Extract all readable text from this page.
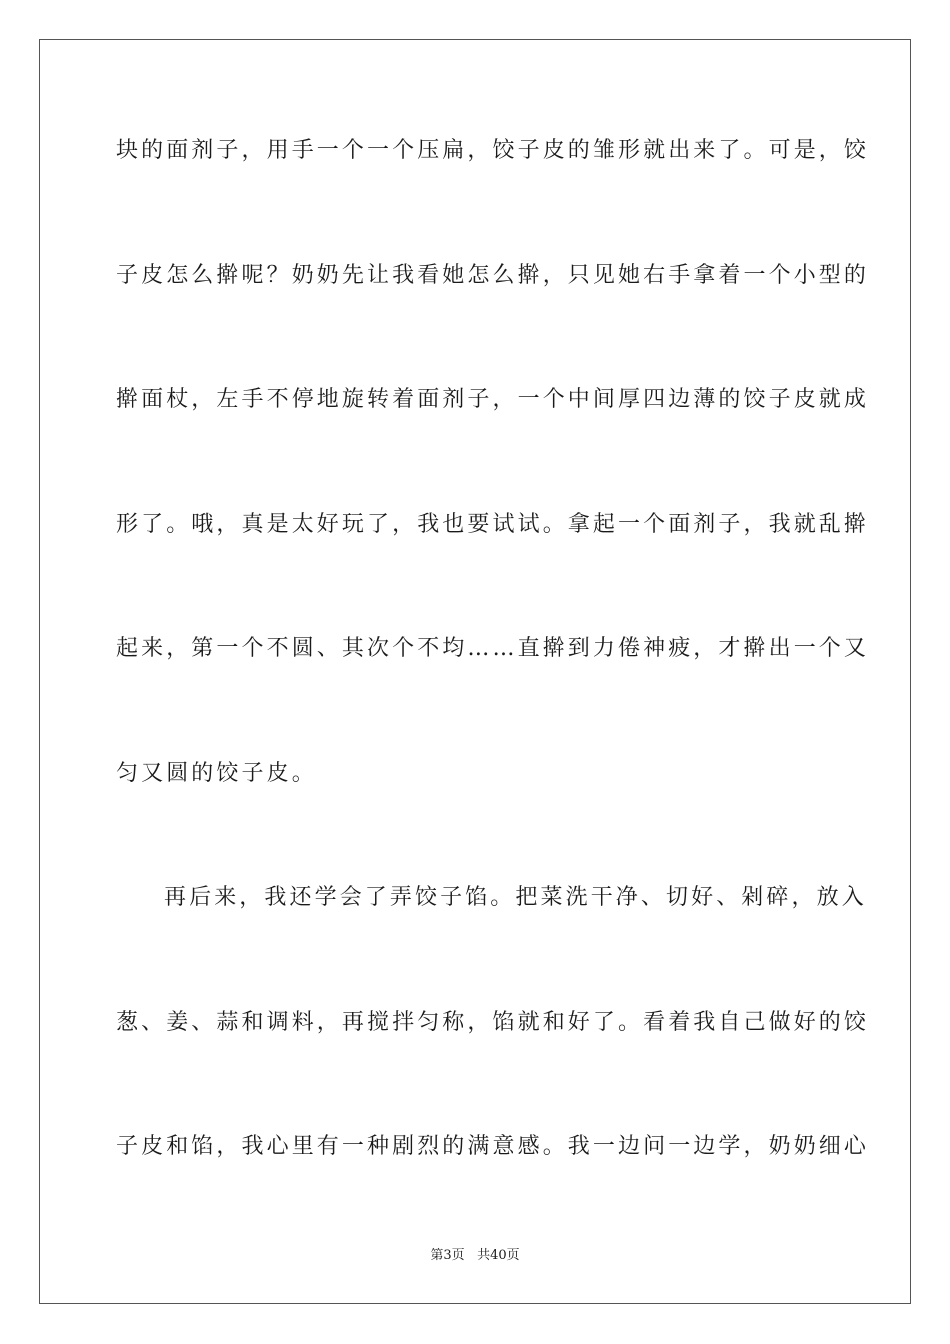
块的面剂子，用手一个一个压扁，饺子皮的雏形就出来了。可是，饺
子皮怎么擀呢？奶奶先让我看她怎么擀，只见她右手拿着一个小型的
擀面杖，左手不停地旋转着面剂子，一个中间厚四边薄的饺子皮就成
形了。哦，真是太好玩了，我也要试试。拿起一个面剂子，我就乱擀
起来，第一个不圆、其次个不均……直擀到力倦神疲，才擀出一个又
匀又圆的饺子皮。
再后来，我还学会了弄饺子馅。把菜洗干净、切好、剁碎，放入
葱、姜、蒜和调料，再搅拌匀称，馅就和好了。看着我自己做好的饺
子皮和馅，我心里有一种剧烈的满意感。我一边问一边学，奶奶细心
第3页 共40页
